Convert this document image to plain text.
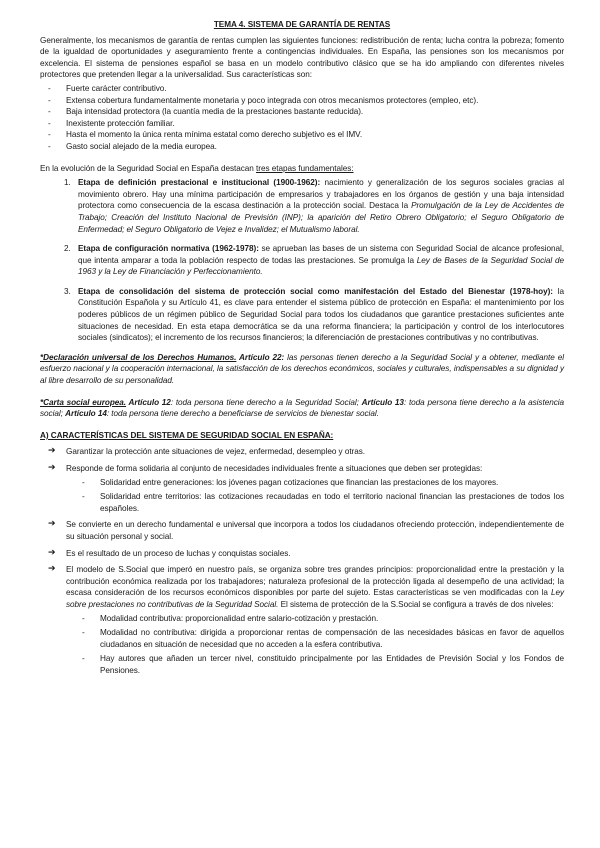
TEMA 4. SISTEMA DE GARANTÍA DE RENTAS

Generalmente, los mecanismos de garantía de rentas cumplen las siguientes funciones: redistribución de renta; lucha contra la pobreza; fomento de la igualdad de oportunidades y aseguramiento frente a contingencias individuales. En España, las pensiones son los mecanismos por excelencia. El sistema de pensiones español se basa en un modelo contributivo clásico que se ha ido ampliando con diferentes niveles protectores que pretenden llegar a la universalidad. Sus características son:

- Fuerte carácter contributivo.
- Extensa cobertura fundamentalmente monetaria y poco integrada con otros mecanismos protectores (empleo, etc).
- Baja intensidad protectora (la cuantía media de la prestaciones bastante reducida).
- Inexistente protección familiar.
- Hasta el momento la única renta mínima estatal como derecho subjetivo es el IMV.
- Gasto social alejado de la media europea.

En la evolución de la Seguridad Social en España destacan tres etapas fundamentales:

1. Etapa de definición prestacional e institucional (1900-1962): nacimiento y generalización de los seguros sociales gracias al movimiento obrero. Hay una mínima participación de empresarios y trabajadores en los órganos de gestión y una baja intensidad protectora como consecuencia de la escasa destinación a la protección social. Destaca la Promulgación de la Ley de Accidentes de Trabajo; Creación del Instituto Nacional de Previsión (INP); la aparición del Retiro Obrero Obligatorio; el Seguro Obligatorio de Enfermedad; el Seguro Obligatorio de Vejez e Invalidez; el Mutualismo laboral.
2. Etapa de configuración normativa (1962-1978): se aprueban las bases de un sistema con Seguridad Social de alcance profesional, que intenta amparar a toda la población respecto de todas las prestaciones. Se promulga la Ley de Bases de la Seguridad Social de 1963 y la Ley de Financiación y Perfeccionamiento.
3. Etapa de consolidación del sistema de protección social como manifestación del Estado del Bienestar (1978-hoy): la Constitución Española y su Artículo 41, es clave para entender el sistema público de protección en España: el mantenimiento por los poderes públicos de un régimen público de Seguridad Social para todos los ciudadanos que garantice prestaciones suficientes ante situaciones de necesidad. En esta etapa democrática se da una reforma financiera; la participación y control de los interlocutores sociales (sindicatos); el incremento de los recursos financieros; la diferenciación de prestaciones contributivas y no contributivas.

*Declaración universal de los Derechos Humanos. Artículo 22: las personas tienen derecho a la Seguridad Social y a obtener, mediante el esfuerzo nacional y la cooperación internacional, la satisfacción de los derechos económicos, sociales y culturales, indispensables a su dignidad y al libre desarrollo de su personalidad.

*Carta social europea. Artículo 12: toda persona tiene derecho a la Seguridad Social; Artículo 13: toda persona tiene derecho a la asistencia social; Artículo 14: toda persona tiene derecho a beneficiarse de servicios de bienestar social.

A) CARACTERÍSTICAS DEL SISTEMA DE SEGURIDAD SOCIAL EN ESPAÑA:

➔ Garantizar la protección ante situaciones de vejez, enfermedad, desempleo y otras.
➔ Responde de forma solidaria al conjunto de necesidades individuales frente a situaciones que deben ser protegidas:
- Solidaridad entre generaciones: los jóvenes pagan cotizaciones que financian las prestaciones de los mayores.
- Solidaridad entre territorios: las cotizaciones recaudadas en todo el territorio nacional financian las prestaciones de todos los españoles.
➔ Se convierte en un derecho fundamental e universal que incorpora a todos los ciudadanos ofreciendo protección, independientemente de su situación personal y social.
➔ Es el resultado de un proceso de luchas y conquistas sociales.
➔ El modelo de S.Social que imperó en nuestro país, se organiza sobre tres grandes principios: proporcionalidad entre la prestación y la contribución económica realizada por los trabajadores; naturaleza profesional de la protección ligada al desempeño de una actividad; la escasa consideración de los recursos económicos disponibles por parte del sujeto. Estas características se ven modificadas con la Ley sobre prestaciones no contributivas de la Seguridad Social. El sistema de protección de la S.Social se configura a través de dos niveles:
- Modalidad contributiva: proporcionalidad entre salario-cotización y prestación.
- Modalidad no contributiva: dirigida a proporcionar rentas de compensación de las necesidades básicas en favor de aquellos ciudadanos en situación de necesidad que no acceden a la esfera contributiva.
- Hay autores que añaden un tercer nivel, constituido principalmente por las Entidades de Previsión Social y los Fondos de Pensiones.
